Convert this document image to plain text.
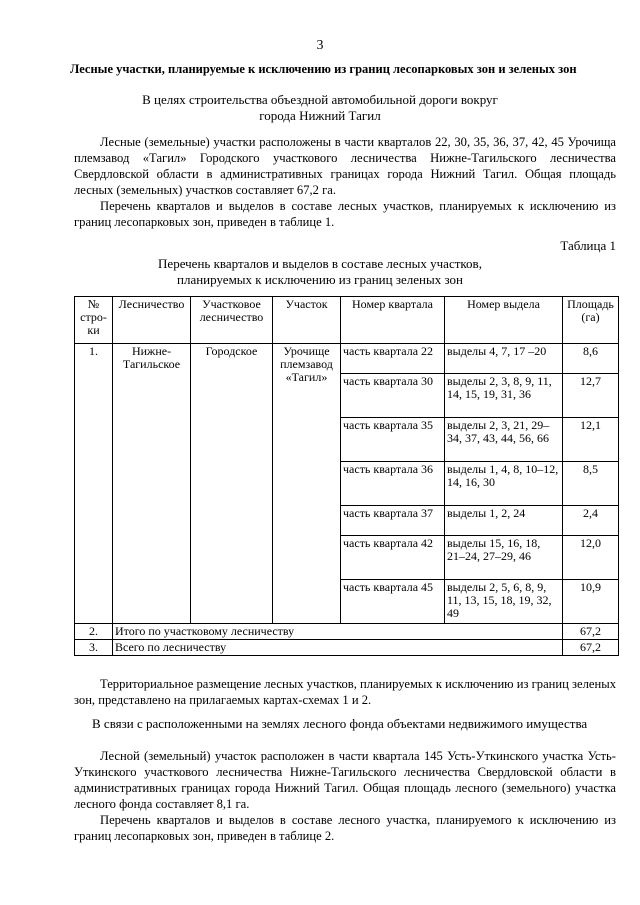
3
Лесные участки, планируемые к исключению из границ лесопарковых зон и зеленых зон
В целях строительства объездной автомобильной дороги вокруг
города Нижний Тагил
Лесные (земельные) участки расположены в части кварталов 22, 30, 35, 36, 37, 42, 45 Урочища племзавод «Тагил» Городского участкового лесничества Нижне-Тагильского лесничества Свердловской области в административных границах города Нижний Тагил. Общая площадь лесных (земельных) участков составляет 67,2 га.
Перечень кварталов и выделов в составе лесных участков, планируемых к исключению из границ лесопарковых зон, приведен в таблице 1.
Таблица 1
Перечень кварталов и выделов в составе лесных участков,
планируемых к исключению из границ зеленых зон
№ стро-ки	Лесничество	Участковое лесничество	Участок	Номер квартала	Номер выдела	Площадь (га)
1.	Нижне-Тагильское	Городское	Урочище племзавод «Тагил»	часть квартала 22	выделы 4, 7, 17 –20	8,6
				часть квартала 30	выделы 2, 3, 8, 9, 11, 14, 15, 19, 31, 36	12,7
				часть квартала 35	выделы 2, 3, 21, 29–34, 37, 43, 44, 56, 66	12,1
				часть квартала 36	выделы 1, 4, 8, 10–12, 14, 16, 30	8,5
				часть квартала 37	выделы 1, 2, 24	2,4
				часть квартала 42	выделы 15, 16, 18, 21–24, 27–29, 46	12,0
				часть квартала 45	выделы 2, 5, 6, 8, 9, 11, 13, 15, 18, 19, 32, 49	10,9
2.	Итого по участковому лесничеству					67,2
3.	Всего по лесничеству					67,2
Территориальное размещение лесных участков, планируемых к исключению из границ зеленых зон, представлено на прилагаемых картах-схемах 1 и 2.
В связи с расположенными на землях лесного фонда объектами недвижимого имущества
Лесной (земельный) участок расположен в части квартала 145 Усть-Уткинского участка Усть-Уткинского участкового лесничества Нижне-Тагильского лесничества Свердловской области в административных границах города Нижний Тагил. Общая площадь лесного (земельного) участка лесного фонда составляет 8,1 га.
Перечень кварталов и выделов в составе лесного участка, планируемого к исключению из границ лесопарковых зон, приведен в таблице 2.
